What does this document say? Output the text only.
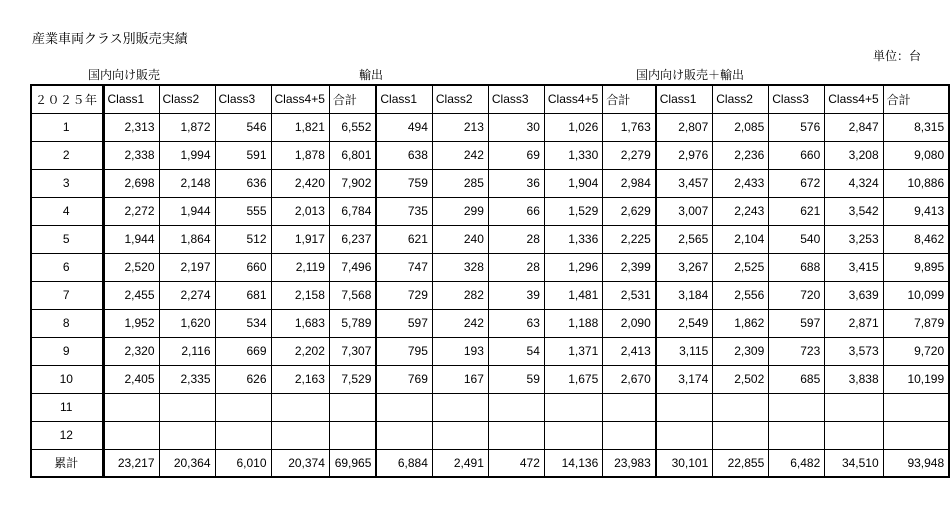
産業車両クラス別販売実績
単位：台
国内向け販売	輸出	国内向け販売＋輸出
２０２５年	Class1	Class2	Class3	Class4+5	合計	Class1	Class2	Class3	Class4+5	合計	Class1	Class2	Class3	Class4+5	合計
1	2,313	1,872	546	1,821	6,552	494	213	30	1,026	1,763	2,807	2,085	576	2,847	8,315
2	2,338	1,994	591	1,878	6,801	638	242	69	1,330	2,279	2,976	2,236	660	3,208	9,080
3	2,698	2,148	636	2,420	7,902	759	285	36	1,904	2,984	3,457	2,433	672	4,324	10,886
4	2,272	1,944	555	2,013	6,784	735	299	66	1,529	2,629	3,007	2,243	621	3,542	9,413
5	1,944	1,864	512	1,917	6,237	621	240	28	1,336	2,225	2,565	2,104	540	3,253	8,462
6	2,520	2,197	660	2,119	7,496	747	328	28	1,296	2,399	3,267	2,525	688	3,415	9,895
7	2,455	2,274	681	2,158	7,568	729	282	39	1,481	2,531	3,184	2,556	720	3,639	10,099
8	1,952	1,620	534	1,683	5,789	597	242	63	1,188	2,090	2,549	1,862	597	2,871	7,879
9	2,320	2,116	669	2,202	7,307	795	193	54	1,371	2,413	3,115	2,309	723	3,573	9,720
10	2,405	2,335	626	2,163	7,529	769	167	59	1,675	2,670	3,174	2,502	685	3,838	10,199
11															
12															
累計	23,217	20,364	6,010	20,374	69,965	6,884	2,491	472	14,136	23,983	30,101	22,855	6,482	34,510	93,948
